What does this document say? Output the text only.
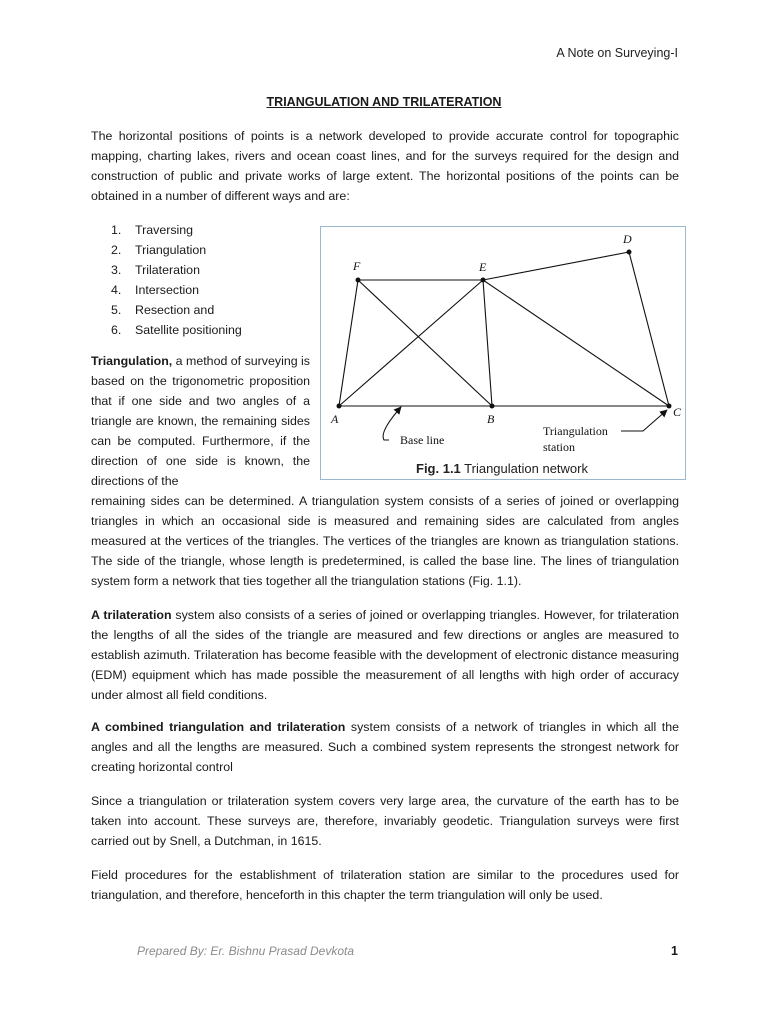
A Note on Surveying-I
TRIANGULATION AND TRILATERATION
The horizontal positions of points is a network developed to provide accurate control for topographic mapping, charting lakes, rivers and ocean coast lines, and for the surveys required for the design and construction of public and private works of large extent. The horizontal positions of the points can be obtained in a number of different ways and are:
1. Traversing
2. Triangulation
3. Trilateration
4. Intersection
5. Resection and
6. Satellite positioning
Triangulation, a method of surveying is based on the trigonometric proposition that if one side and two angles of a triangle are known, the remaining sides can be computed. Furthermore, if the direction of one side is known, the directions of the
remaining sides can be determined. A triangulation system consists of a series of joined or overlapping triangles in which an occasional side is measured and remaining sides are calculated from angles measured at the vertices of the triangles. The vertices of the triangles are known as triangulation stations. The side of the triangle, whose length is predetermined, is called the base line. The lines of triangulation system form a network that ties together all the triangulation stations (Fig. 1.1).
A trilateration system also consists of a series of joined or overlapping triangles. However, for trilateration the lengths of all the sides of the triangle are measured and few directions or angles are measured to establish azimuth. Trilateration has become feasible with the development of electronic distance measuring (EDM) equipment which has made possible the measurement of all lengths with high order of accuracy under almost all field conditions.
A combined triangulation and trilateration system consists of a network of triangles in which all the angles and all the lengths are measured. Such a combined system represents the strongest network for creating horizontal control
Since a triangulation or trilateration system covers very large area, the curvature of the earth has to be taken into account. These surveys are, therefore, invariably geodetic. Triangulation surveys were first carried out by Snell, a Dutchman, in 1615.
Field procedures for the establishment of trilateration station are similar to the procedures used for triangulation, and therefore, henceforth in this chapter the term triangulation will only be used.
A	B	C
D
E
F
Base line
Triangulation
station
Fig. 1.1 Triangulation network
Prepared By: Er. Bishnu Prasad Devkota	1
